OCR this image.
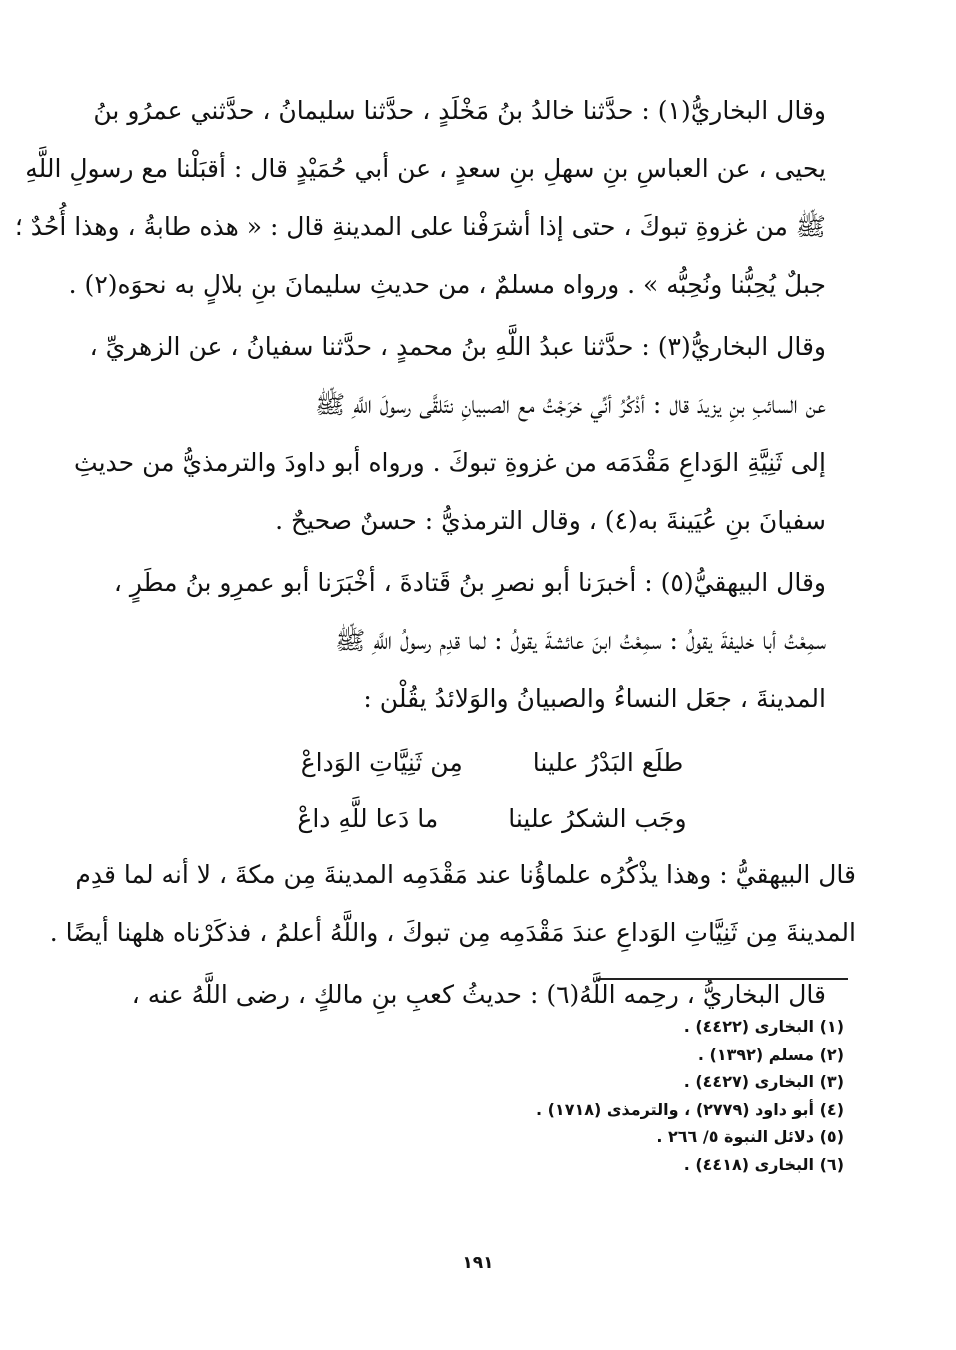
وقال البخاريُّ(١) : حدَّثنا خالدُ بنُ مَخْلَدٍ ، حدَّثنا سليمانُ ، حدَّثني عمرُو بنُ
يحيى ، عن العباسِ بنِ سهلِ بنِ سعدٍ ، عن أبي حُمَيْدٍ قال : أقبَلْنا مع رسولِ اللَّهِ
ﷺ من غزوةِ تبوكَ ، حتى إذا أشرَفْنا على المدينةِ قال : « هذه طابةُ ، وهذا أُحُدٌ ؛
جبلٌ يُحِبُّنا ونُحِبُّه » . ورواه مسلمٌ ، من حديثِ سليمانَ بنِ بلالٍ به نحوَه(٢) .

وقال البخاريُّ(٣) : حدَّثنا عبدُ اللَّهِ بنُ محمدٍ ، حدَّثنا سفيانُ ، عن الزهريِّ ،
عن السائبِ بنِ يزيدَ قال : أذْكُرُ أنِّي خرَجْتُ مع الصبيانِ نتَلقَّى رسولَ اللَّهِ ﷺ
إلى ثَنِيَّةِ الوَداعِ مَقْدَمَه من غزوةِ تبوكَ . ورواه أبو داودَ والترمذيُّ من حديثِ
سفيانَ بنِ عُيَينةَ به(٤) ، وقال الترمذيُّ : حسنٌ صحيحٌ .

وقال البيهقيُّ(٥) : أخبرَنا أبو نصرِ بنُ قَتادةَ ، أخْبَرَنا أبو عمرِو بنُ مطَرٍ ،
سمِعْتُ أبا خليفةَ يقولُ : سمِعْتُ ابنَ عائشةَ يقولُ : لما قدِم رسولُ اللَّهِ ﷺ
المدينةَ ، جعَل النساءُ والصبيانُ والوَلائدُ يقُلْن :

طلَع البَدْرُ علينا
مِن ثَنِيَّاتِ الوَداعْ
وجَب الشكرُ علينا
ما دَعا للَّهِ داعْ

قال البيهقيُّ : وهذا يذْكُرُه علماؤُنا عند مَقْدَمِه المدينةَ مِن مكةَ ، لا أنه لما قدِم
المدينةَ مِن ثَنِيَّاتِ الوَداعِ عندَ مَقْدَمِه مِن تبوكَ ، واللَّهُ أعلمُ ، فذكَرْناه هلهنا أيضًا .

قال البخاريُّ ، رحِمه اللَّهُ(٦) : حديثُ كعبِ بنِ مالكٍ ، رضى اللَّهُ عنه ،

(١) البخارى (٤٤٢٢) .
(٢) مسلم (١٣٩٢) .
(٣) البخارى (٤٤٢٧) .
(٤) أبو داود (٢٧٧٩) ، والترمذى (١٧١٨) .
(٥) دلائل النبوة ٥/ ٢٦٦ .
(٦) البخارى (٤٤١٨) .
١٩١
